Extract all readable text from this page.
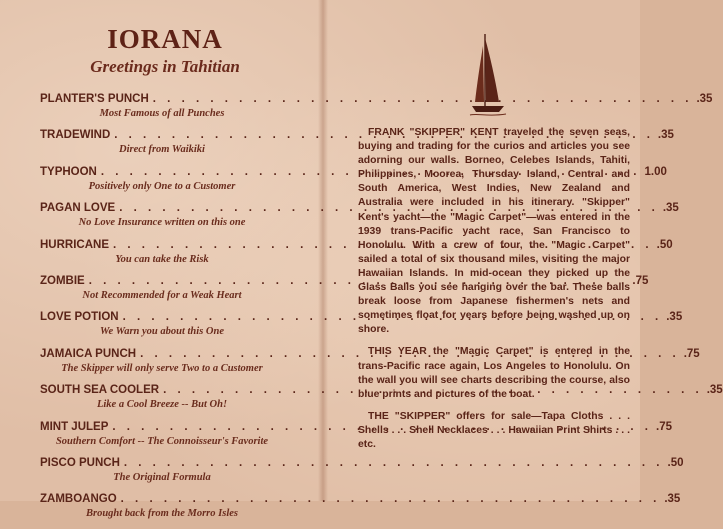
IORANA
Greetings in Tahitian
PLANTER'S PUNCH . . .	.35
Most Famous of all Punches
TRADEWIND . . .	.35
Direct from Waikiki
TYPHOON . . .	1.00
Positively only One to a Customer
PAGAN LOVE . . .	.35
No Love Insurance written on this one
HURRICANE . . .	.50
You can take the Risk
ZOMBIE . . .	.75
Not Recommended for a Weak Heart
LOVE POTION . . .	.35
We Warn you about this One
JAMAICA PUNCH . . .	.75
The Skipper will only serve Two to a Customer
SOUTH SEA COOLER . . .	.35
Like a Cool Breeze -- But Oh!
MINT JULEP . . .	.75
Southern Comfort -- The Connoisseur's Favorite
PISCO PUNCH . . .	.50
The Original Formula
ZAMBOANGO . . .	.35
Brought back from the Morro Isles

FRANK "SKIPPER" KENT traveled the seven seas, buying and trading for the curios and articles you see adorning our walls. Borneo, Celebes Islands, Tahiti, Philippines, Moorea, Thursday Island, Central and South America, West Indies, New Zealand and Australia were included in his itinerary. "Skipper" Kent's yacht—the "Magic Carpet"—was entered in the 1939 trans-Pacific yacht race, San Francisco to Honolulu. With a crew of four, the "Magic Carpet" sailed a total of six thousand miles, visiting the major Hawaiian Islands. In mid-ocean they picked up the Glass Balls you see hanging over the bar. These balls break loose from Japanese fishermen's nets and sometimes float for years before being washed up on shore.

THIS YEAR the "Magic Carpet" is entered in the trans-Pacific race again, Los Angeles to Honolulu. On the wall you will see charts describing the course, also blue prints and pictures of the boat.

THE "SKIPPER" offers for sale—Tapa Cloths . . . Shells . . . Shell Necklaces . . . Hawaiian Print Shirts . . . etc.
